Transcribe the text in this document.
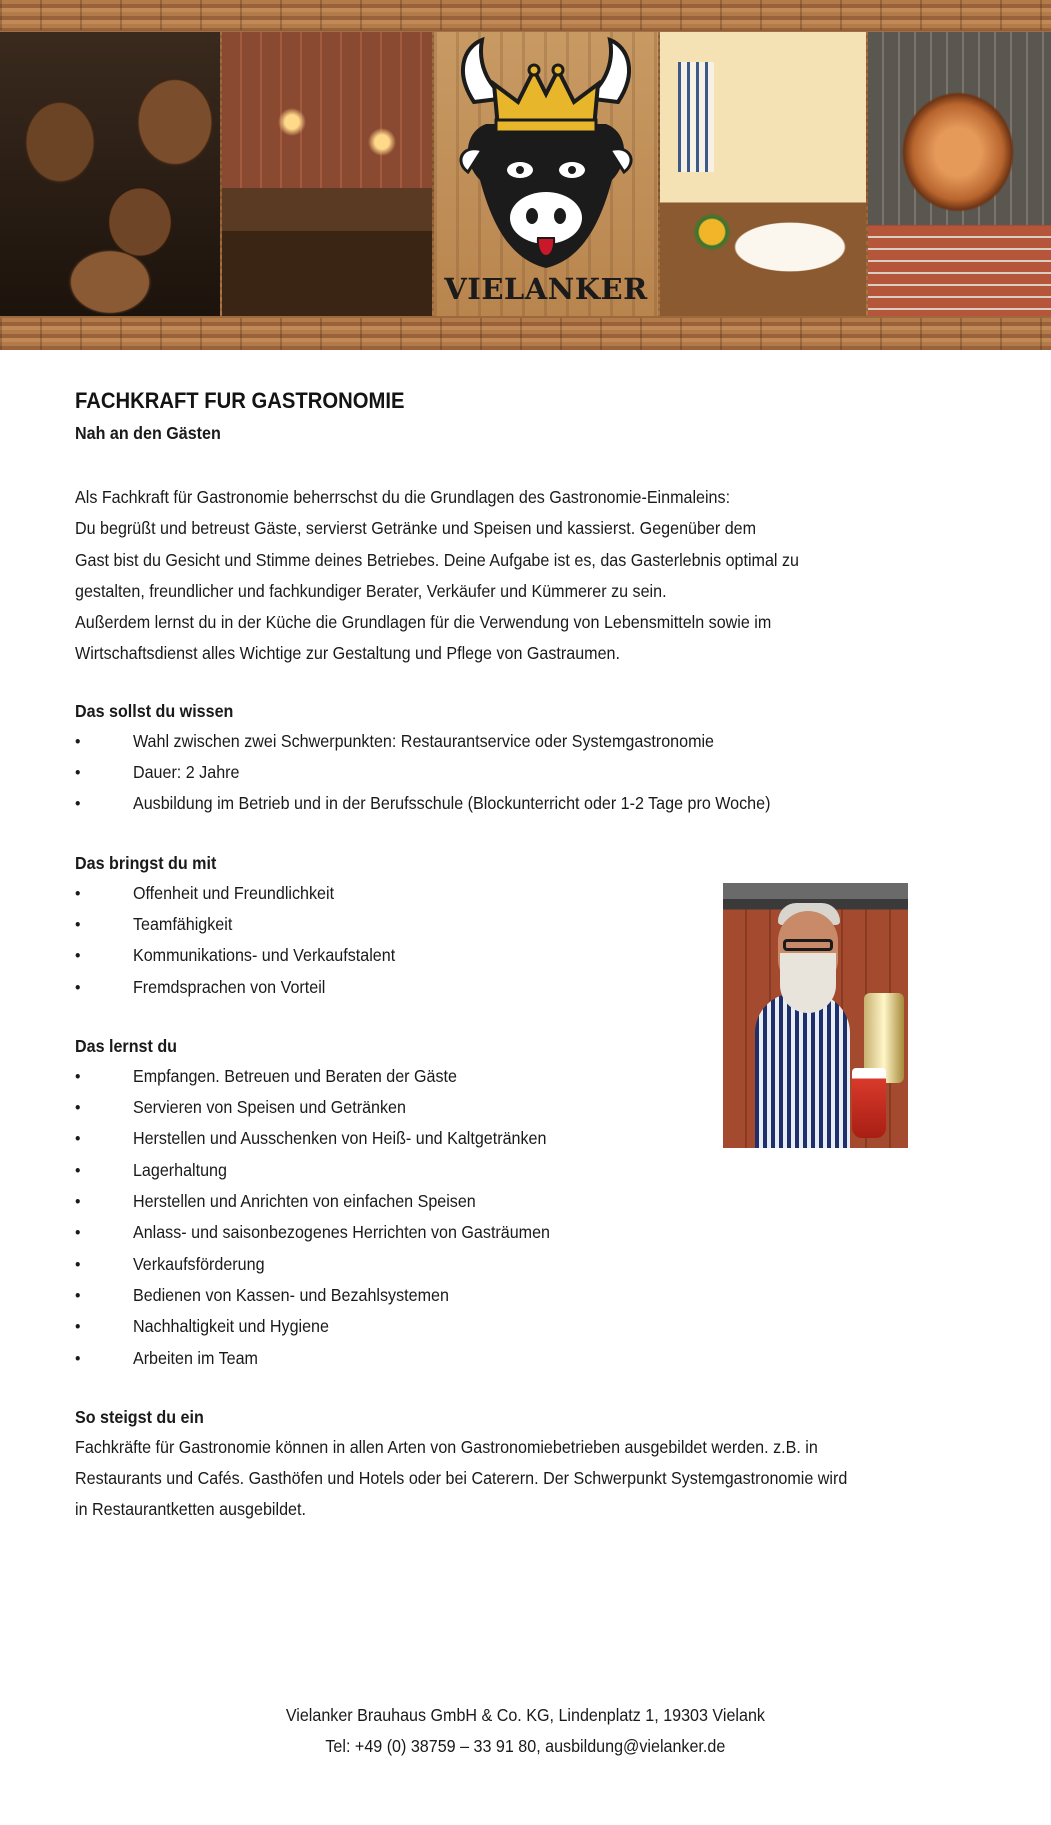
VIELANKER
FACHKRAFT FUR GASTRONOMIE
Nah an den Gästen

Als Fachkraft für Gastronomie beherrschst du die Grundlagen des Gastronomie-Einmaleins:

Du begrüßt und betreust Gäste, servierst Getränke und Speisen und kassierst. Gegenüber dem

Gast bist du Gesicht und Stimme deines Betriebes. Deine Aufgabe ist es, das Gasterlebnis optimal zu

gestalten, freundlicher und fachkundiger Berater, Verkäufer und Kümmerer zu sein.

Außerdem lernst du in der Küche die Grundlagen für die Verwendung von Lebensmitteln sowie im

Wirtschaftsdienst alles Wichtige zur Gestaltung und Pflege von Gastraumen.

Das sollst du wissen
• Wahl zwischen zwei Schwerpunkten: Restaurantservice oder Systemgastronomie
• Dauer: 2 Jahre
• Ausbildung im Betrieb und in der Berufsschule (Blockunterricht oder 1-2 Tage pro Woche)
Das bringst du mit
• Offenheit und Freundlichkeit
• Teamfähigkeit
• Kommunikations- und Verkaufstalent
• Fremdsprachen von Vorteil
Das lernst du
• Empfangen. Betreuen und Beraten der Gäste
• Servieren von Speisen und Getränken
• Herstellen und Ausschenken von Heiß- und Kaltgetränken
• Lagerhaltung
• Herstellen und Anrichten von einfachen Speisen
• Anlass- und saisonbezogenes Herrichten von Gasträumen
• Verkaufsförderung
• Bedienen von Kassen- und Bezahlsystemen
• Nachhaltigkeit und Hygiene
• Arbeiten im Team
So steigst du ein

Fachkräfte für Gastronomie können in allen Arten von Gastronomiebetrieben ausgebildet werden. z.B. in

Restaurants und Cafés. Gasthöfen und Hotels oder bei Caterern. Der Schwerpunkt Systemgastronomie wird

in Restaurantketten ausgebildet.

Vielanker Brauhaus GmbH & Co. KG, Lindenplatz 1, 19303 Vielank
Tel: +49 (0) 38759 – 33 91 80, ausbildung@vielanker.de
